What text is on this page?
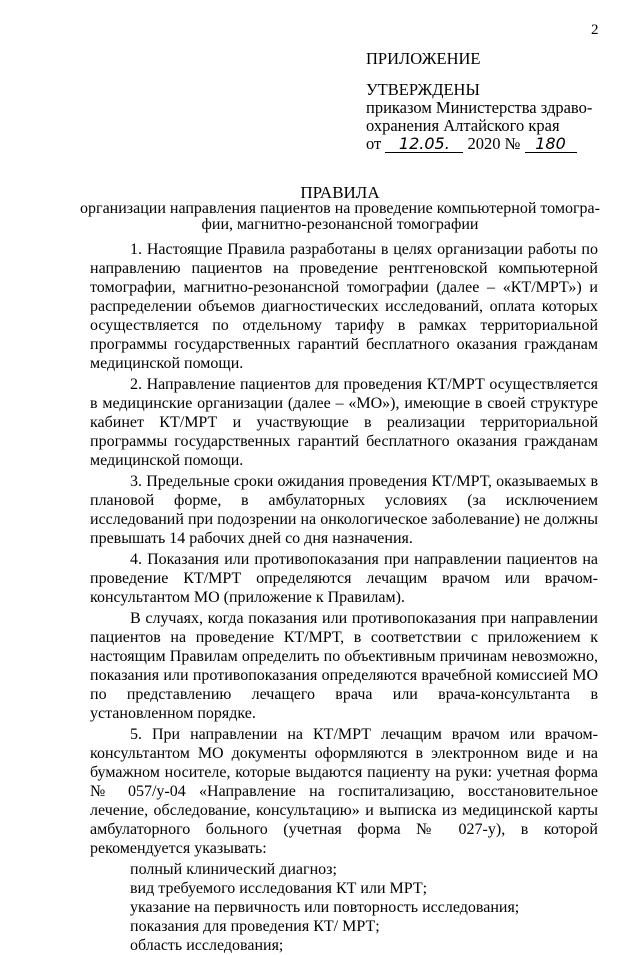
2

ПРИЛОЖЕНИЕ

УТВЕРЖДЕНЫ

приказом Министерства здраво-

охранения Алтайского края

от 12.05. 2020 № 180

ПРАВИЛА

организации направления пациентов на проведение компьютерной томогра-

фии, магнитно-резонансной томографии

1. Настоящие Правила разработаны в целях организации работы по направлению пациентов на проведение рентгеновской компьютерной томографии, магнитно-резонансной томографии (далее – «КТ/МРТ») и распределении объемов диагностических исследований, оплата которых осуществляется по отдельному тарифу в рамках территориальной программы государственных гарантий бесплатного оказания гражданам медицинской помощи.

2. Направление пациентов для проведения КТ/МРТ осуществляется в медицинские организации (далее – «МО»), имеющие в своей структуре кабинет КТ/МРТ и участвующие в реализации территориальной программы государственных гарантий бесплатного оказания гражданам медицинской помощи.

3. Предельные сроки ожидания проведения КТ/МРТ, оказываемых в плановой форме, в амбулаторных условиях (за исключением исследований при подозрении на онкологическое заболевание) не должны превышать 14 рабочих дней со дня назначения.

4. Показания или противопоказания при направлении пациентов на проведение КТ/МРТ определяются лечащим врачом или врачом-консультантом МО (приложение к Правилам).

В случаях, когда показания или противопоказания при направлении пациентов на проведение КТ/МРТ, в соответствии с приложением к настоящим Правилам определить по объективным причинам невозможно, показания или противопоказания определяются врачебной комиссией МО по представлению лечащего врача или врача-консультанта в установленном порядке.

5. При направлении на КТ/МРТ лечащим врачом или врачом-консультантом МО документы оформляются в электронном виде и на бумажном носителе, которые выдаются пациенту на руки: учетная форма № 057/у-04 «Направление на госпитализацию, восстановительное лечение, обследование, консультацию» и выписка из медицинской карты амбулаторного больного (учетная форма № 027-у), в которой рекомендуется указывать:

полный клинический диагноз;

вид требуемого исследования КТ или МРТ;

указание на первичность или повторность исследования;

показания для проведения КТ/ МРТ;

область исследования;
